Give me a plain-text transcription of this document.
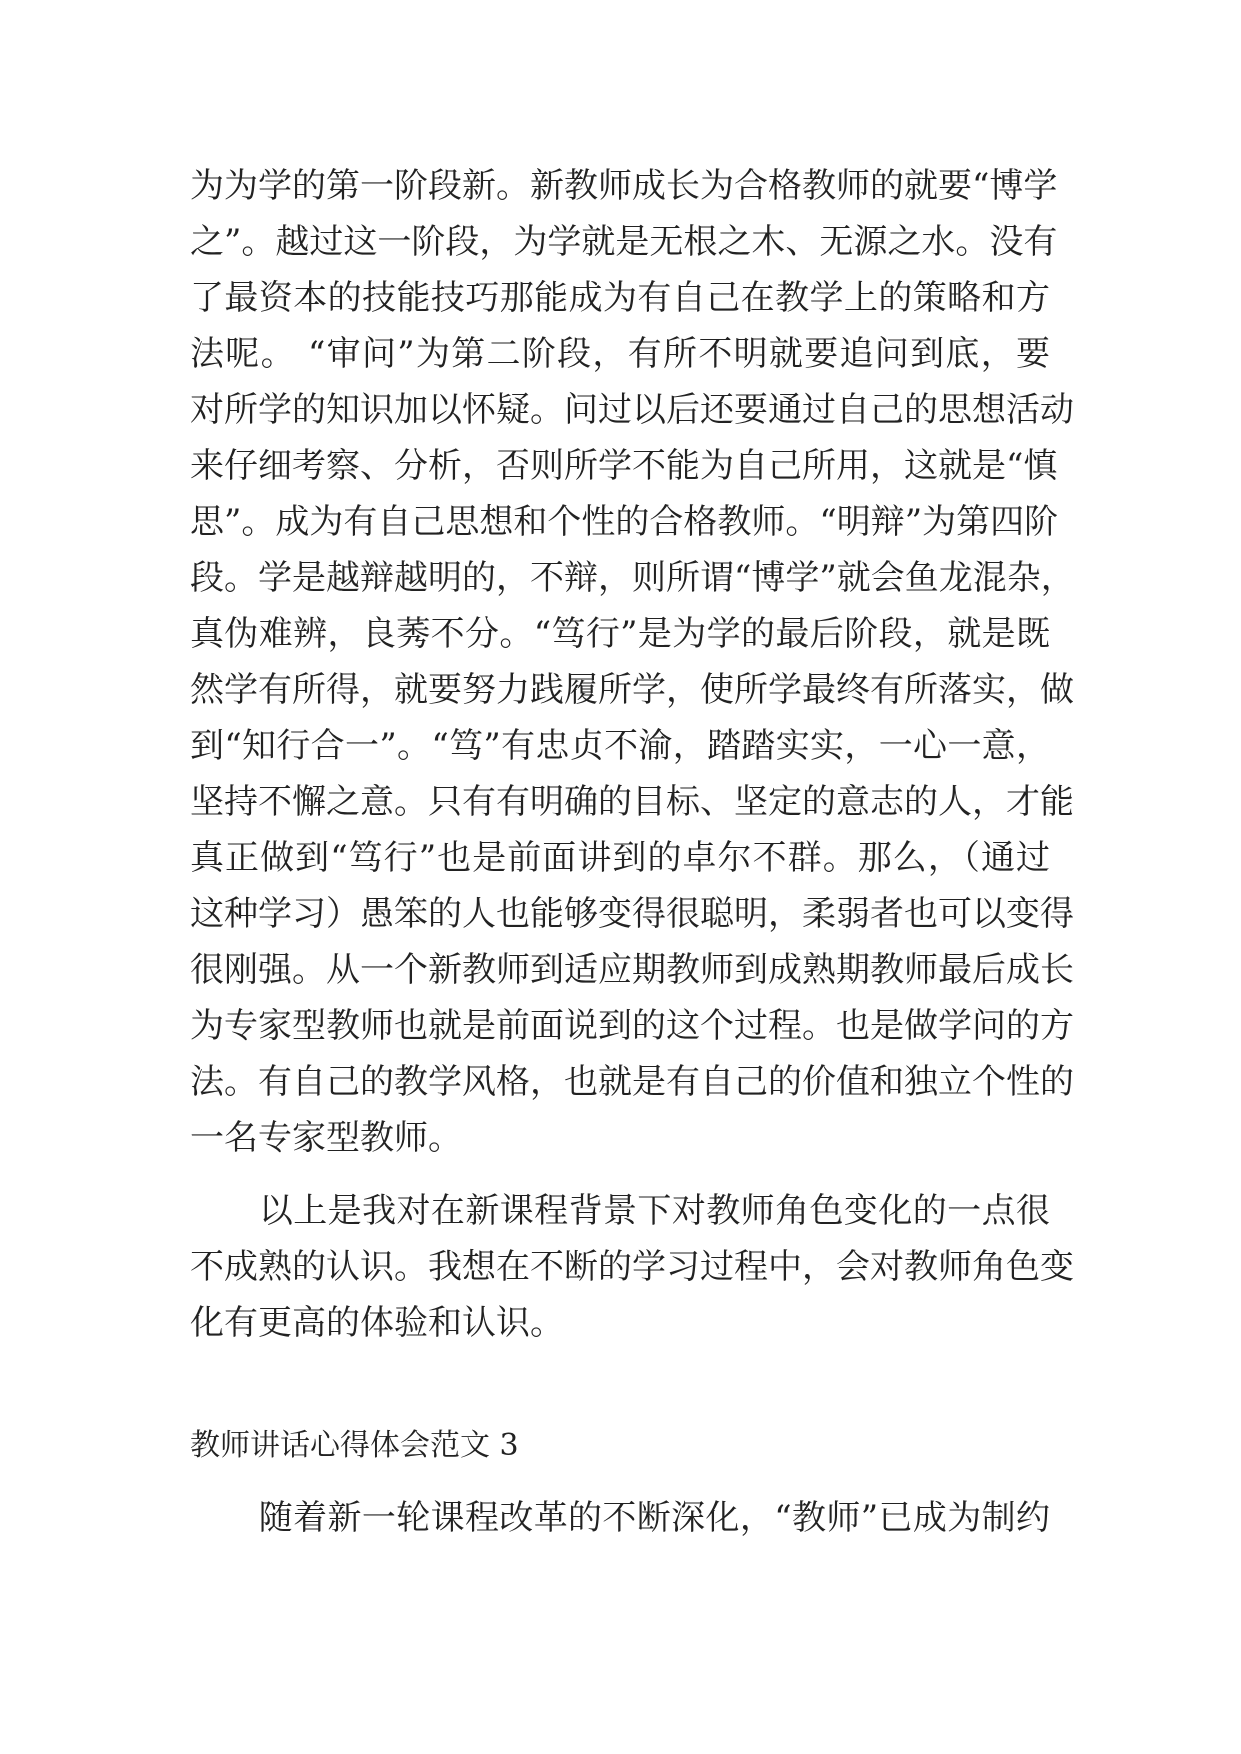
为为学的第一阶段新。新教师成长为合格教师的就要“博学
之”。越过这一阶段，为学就是无根之木、无源之水。没有
了最资本的技能技巧那能成为有自己在教学上的策略和方
法呢。 “审问”为第二阶段，有所不明就要追问到底，要
对所学的知识加以怀疑。问过以后还要通过自己的思想活动
来仔细考察、分析，否则所学不能为自己所用，这就是“慎
思”。成为有自己思想和个性的合格教师。“明辩”为第四阶
段。学是越辩越明的，不辩，则所谓“博学”就会鱼龙混杂，
真伪难辨，良莠不分。“笃行”是为学的最后阶段，就是既
然学有所得，就要努力践履所学，使所学最终有所落实，做
到“知行合一”。“笃”有忠贞不渝，踏踏实实，一心一意，
坚持不懈之意。只有有明确的目标、坚定的意志的人，才能
真正做到“笃行”也是前面讲到的卓尔不群。那么，（通过
这种学习）愚笨的人也能够变得很聪明，柔弱者也可以变得
很刚强。从一个新教师到适应期教师到成熟期教师最后成长
为专家型教师也就是前面说到的这个过程。也是做学问的方
法。有自己的教学风格，也就是有自己的价值和独立个性的
一名专家型教师。
　　以上是我对在新课程背景下对教师角色变化的一点很
不成熟的认识。我想在不断的学习过程中，会对教师角色变
化有更高的体验和认识。
教师讲话心得体会范文 3
　　随着新一轮课程改革的不断深化，“教师”已成为制约
